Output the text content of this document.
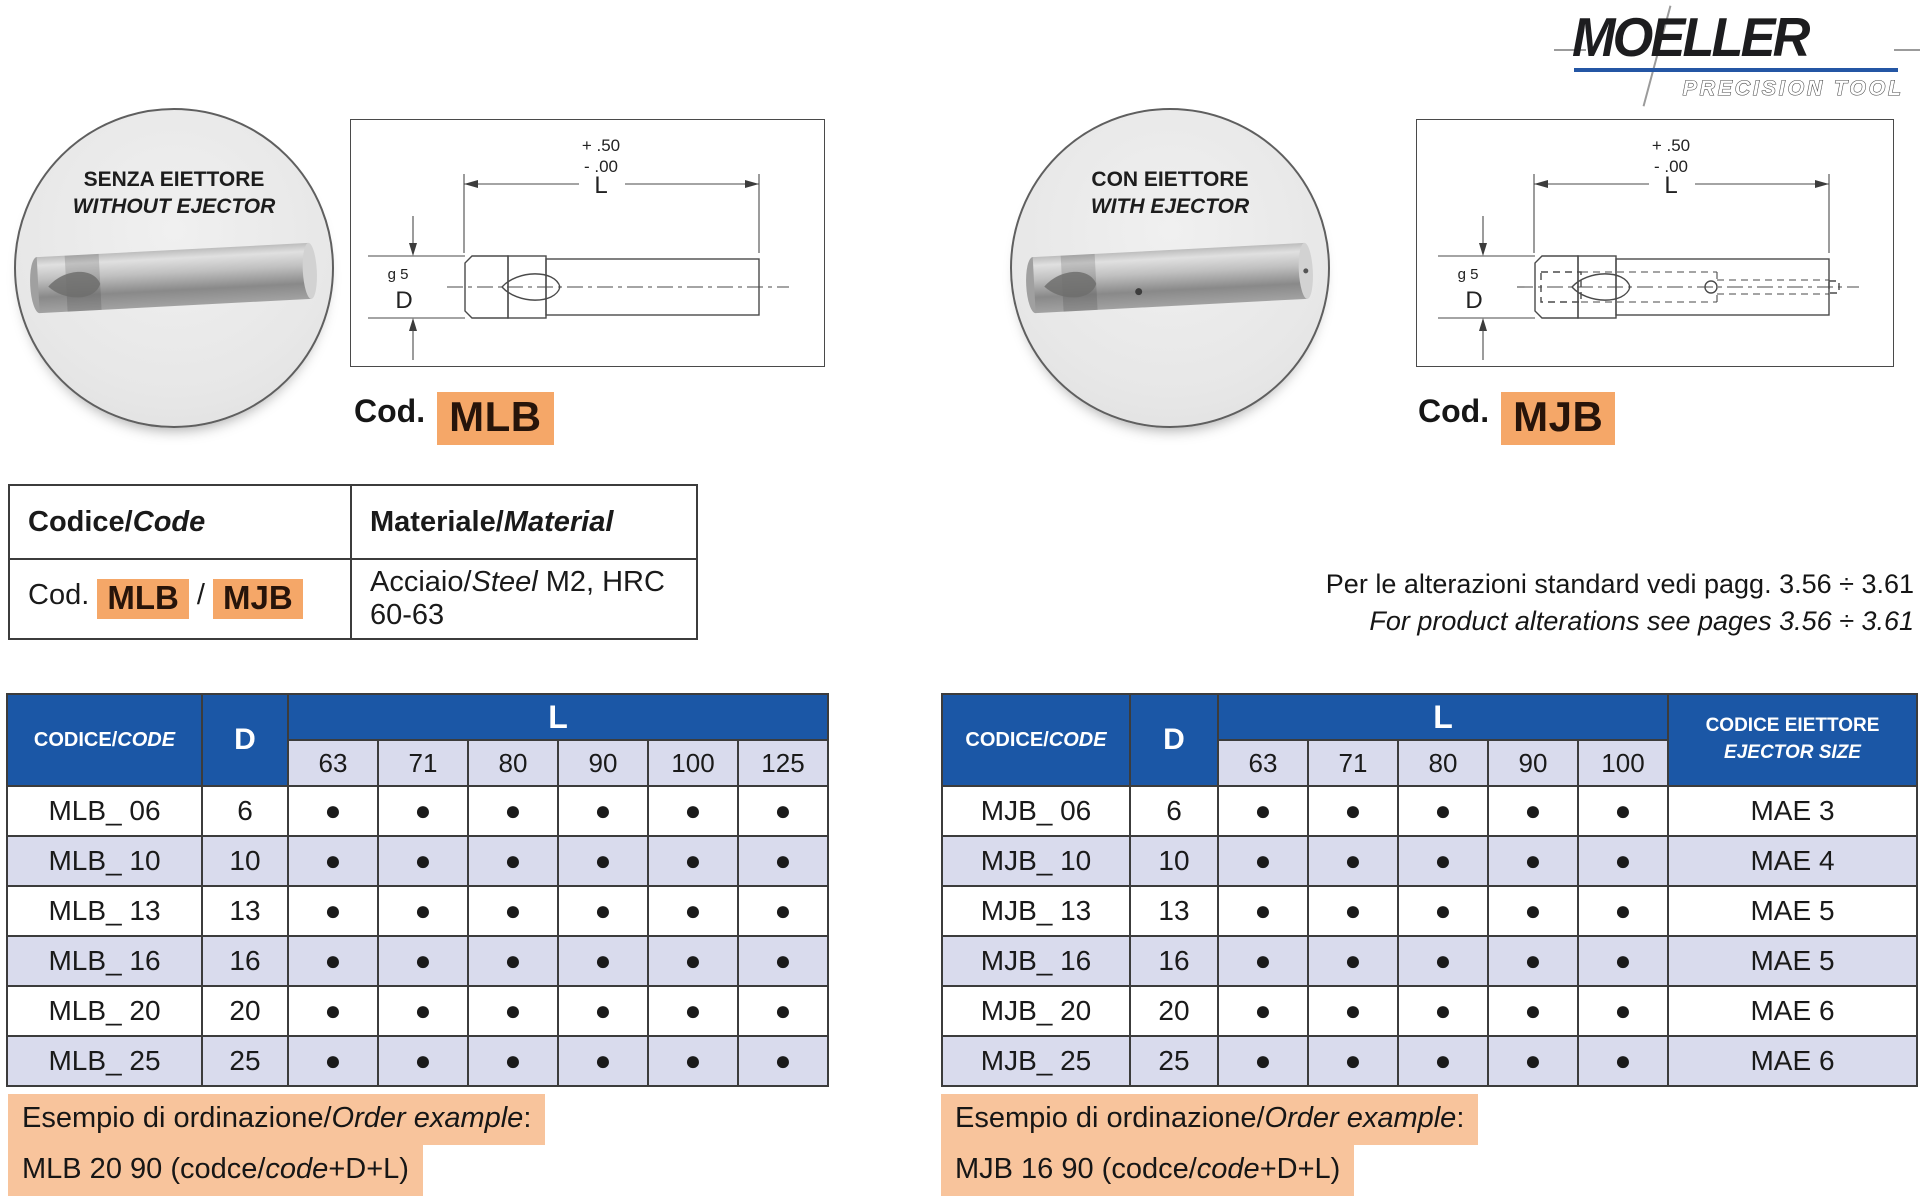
MOELLER
PRECISION TOOL
SENZA EIETTORE
WITHOUT EJECTOR
+ .50
- .00
L
g 5
D
Cod. MLB
CON EIETTORE
WITH EJECTOR
+ .50
- .00
L
g 5
D
Cod. MJB
Codice/Code	Materiale/Material
Cod. MLB / MJB	Acciaio/Steel M2, HRC 60-63
Per le alterazioni standard vedi pagg. 3.56 ÷ 3.61
For product alterations see pages 3.56 ÷ 3.61
CODICE/CODE	D	L					
		63	71	80	90	100	125
MLB_ 06	6	●	●	●	●	●	●
MLB_ 10	10	●	●	●	●	●	●
MLB_ 13	13	●	●	●	●	●	●
MLB_ 16	16	●	●	●	●	●	●
MLB_ 20	20	●	●	●	●	●	●
MLB_ 25	25	●	●	●	●	●	●
CODICE/CODE	D	L					CODICE EIETTORE
EJECTOR SIZE

		63	71	80	90	100	
MJB_ 06	6	●	●	●	●	●	MAE 3
MJB_ 10	10	●	●	●	●	●	MAE 4
MJB_ 13	13	●	●	●	●	●	MAE 5
MJB_ 16	16	●	●	●	●	●	MAE 5
MJB_ 20	20	●	●	●	●	●	MAE 6
MJB_ 25	25	●	●	●	●	●	MAE 6
Esempio di ordinazione/Order example:
MLB 20 90 (codce/code+D+L)
Esempio di ordinazione/Order example:
MJB 16 90 (codce/code+D+L)
